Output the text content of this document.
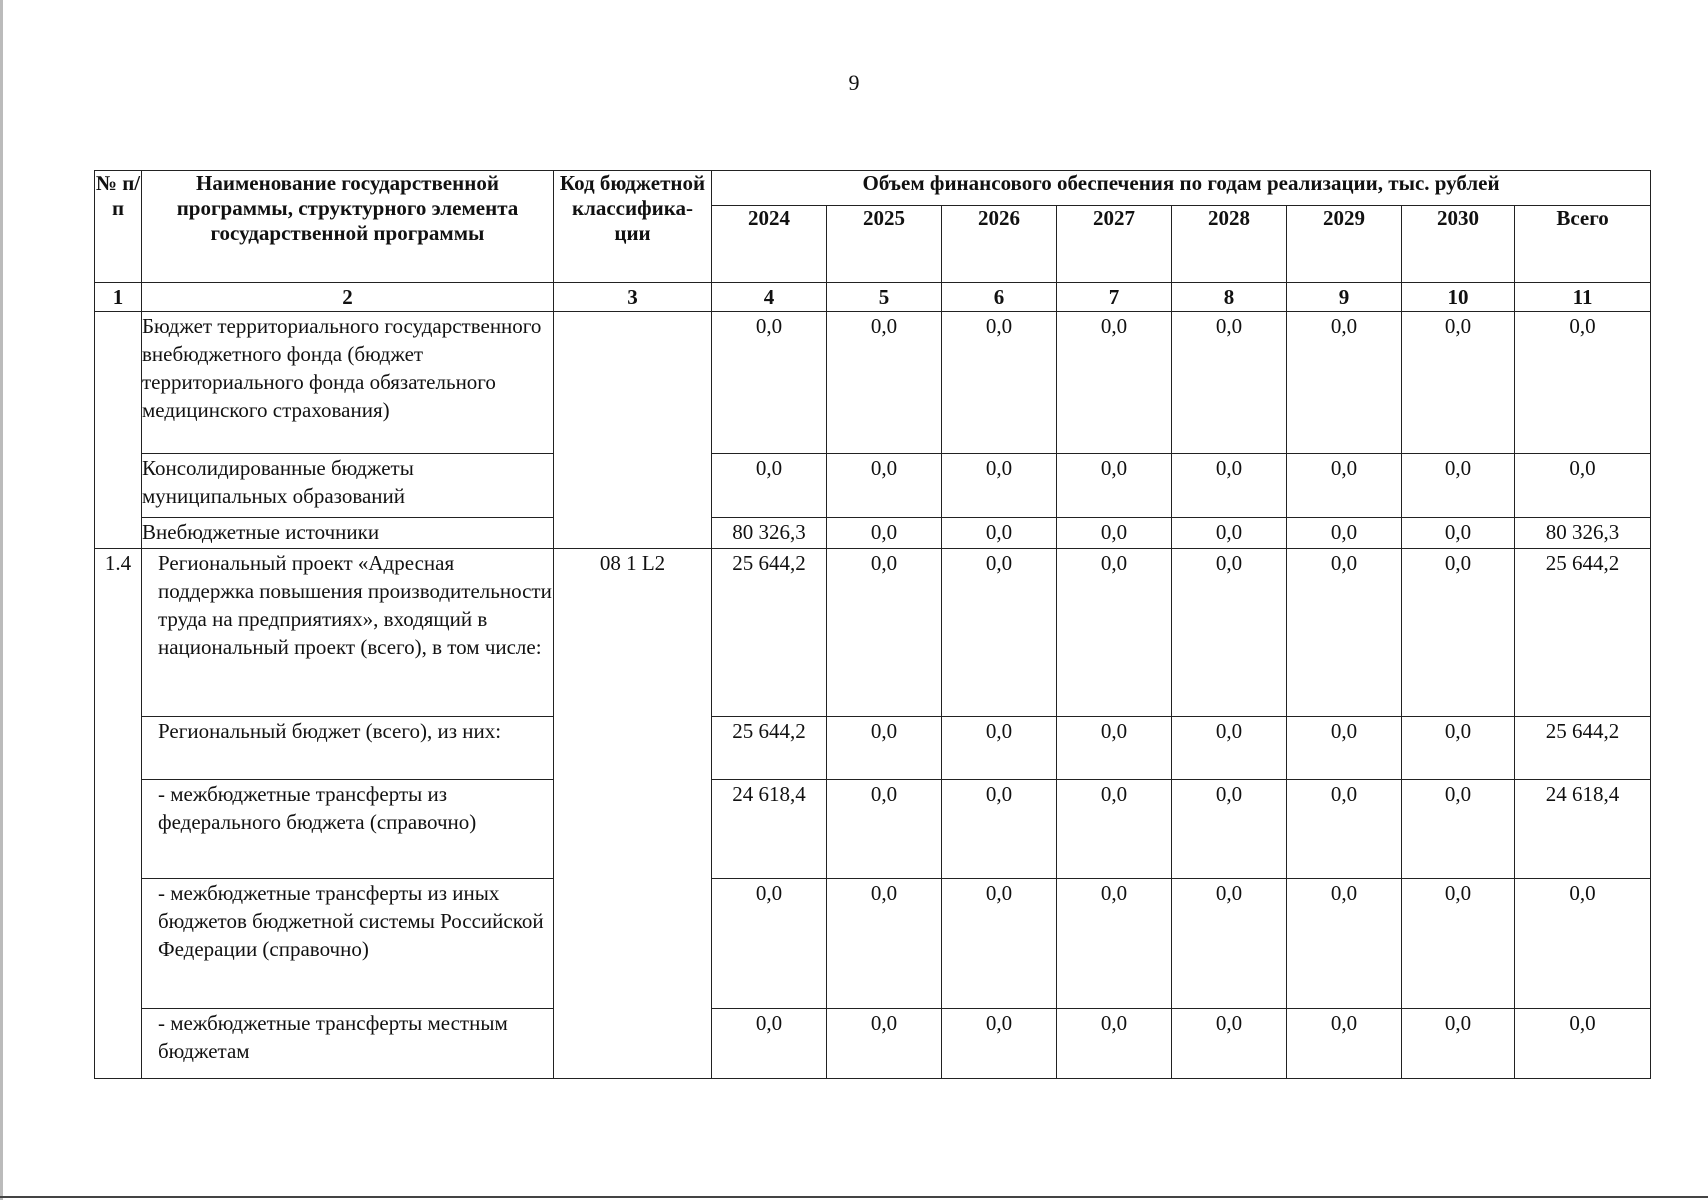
9
№ п/п	Наименование государственной программы, структурного элемента государственной программы	Код бюджетной классифика- ции	Объем финансового обеспечения по годам реализации, тыс. рублей							
			2024	2025	2026	2027	2028	2029	2030	Всего
1	2	3	4	5	6	7	8	9	10	11
	Бюджет территориального государственного внебюджетного фонда (бюджет территориального фонда обязательного медицинского страхования)		0,0	0,0	0,0	0,0	0,0	0,0	0,0	0,0
	Консолидированные бюджеты муниципальных образований		0,0	0,0	0,0	0,0	0,0	0,0	0,0	0,0
	Внебюджетные источники		80 326,3	0,0	0,0	0,0	0,0	0,0	0,0	80 326,3
1.4	Региональный проект «Адресная поддержка повышения производительности труда на предприятиях», входящий в национальный проект (всего), в том числе:	08 1 L2	25 644,2	0,0	0,0	0,0	0,0	0,0	0,0	25 644,2
	Региональный бюджет (всего), из них:		25 644,2	0,0	0,0	0,0	0,0	0,0	0,0	25 644,2
	- межбюджетные трансферты из федерального бюджета (справочно)		24 618,4	0,0	0,0	0,0	0,0	0,0	0,0	24 618,4
	- межбюджетные трансферты из иных бюджетов бюджетной системы Российской Федерации (справочно)		0,0	0,0	0,0	0,0	0,0	0,0	0,0	0,0
	- межбюджетные трансферты местным бюджетам		0,0	0,0	0,0	0,0	0,0	0,0	0,0	0,0
